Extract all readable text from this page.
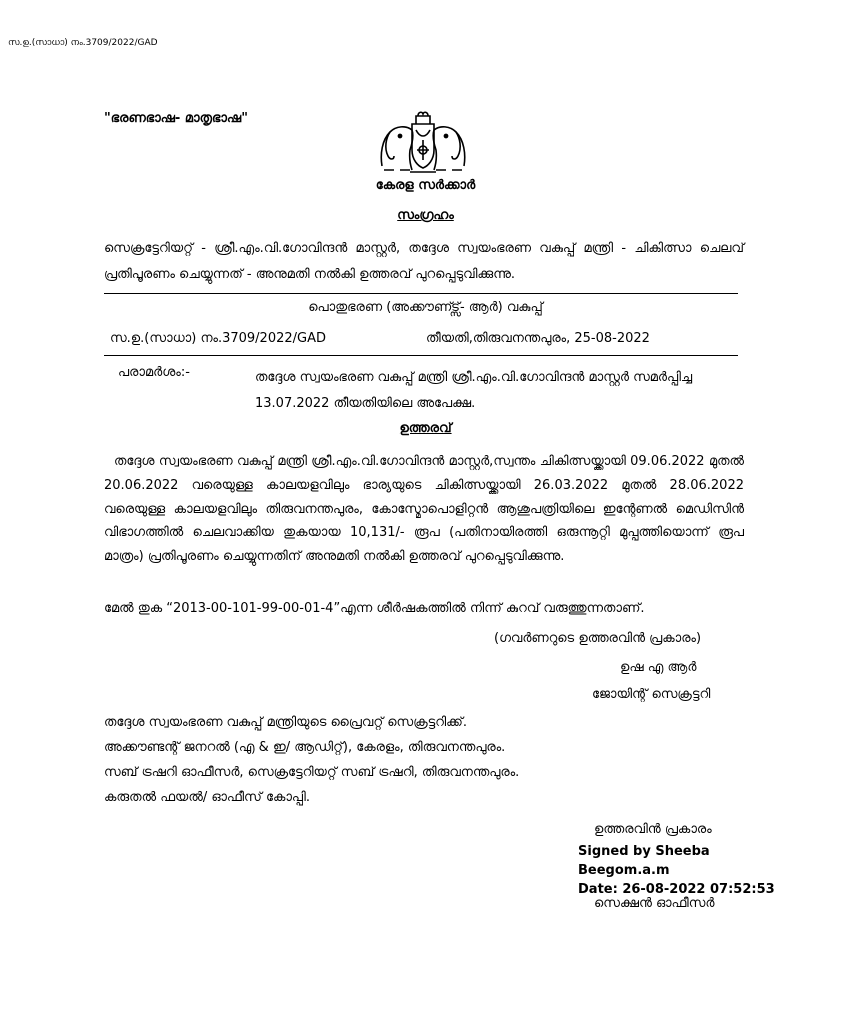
സ.ഉ.(സാധാ) നം.3709/2022/GAD
"ഭരണഭാഷ- മാതൃഭാഷ"
കേരള സർക്കാർ
സംഗ്രഹം
സെക്രട്ടേറിയറ്റ് - ശ്രീ.എം.വി.ഗോവിന്ദൻ മാസ്റ്റർ, തദ്ദേശ സ്വയംഭരണ വകുപ്പ് മന്ത്രി - ചികിത്സാ ചെലവ് പ്രതിപൂരണം ചെയ്യുന്നത് - അനുമതി നൽകി ഉത്തരവ് പുറപ്പെടുവിക്കുന്നു.
പൊതുഭരണ (അക്കൗണ്ട്സ്- ആർ) വകുപ്പ്
സ.ഉ.(സാധാ) നം.3709/2022/GAD	തീയതി,തിരുവനന്തപുരം, 25-08-2022
പരാമർശം:-	തദ്ദേശ സ്വയംഭരണ വകുപ്പ് മന്ത്രി ശ്രീ.എം.വി.ഗോവിന്ദൻ മാസ്റ്റർ സമർപ്പിച്ച 13.07.2022 തീയതിയിലെ അപേക്ഷ.
ഉത്തരവ്
തദ്ദേശ സ്വയംഭരണ വകുപ്പ് മന്ത്രി ശ്രീ.എം.വി.ഗോവിന്ദൻ മാസ്റ്റർ,സ്വന്തം ചികിത്സയ്ക്കായി 09.06.2022 മുതൽ 20.06.2022 വരെയുള്ള കാലയളവിലും ഭാര്യയുടെ ചികിത്സയ്ക്കായി 26.03.2022 മുതൽ 28.06.2022 വരെയുള്ള കാലയളവിലും തിരുവനന്തപുരം, കോസ്മോപൊളിറ്റൻ ആശുപത്രിയിലെ ഇന്റേണൽ മെഡിസിൻ വിഭാഗത്തിൽ ചെലവാക്കിയ തുകയായ 10,131/- രൂപ (പതിനായിരത്തി ഒരുന്നൂറ്റി മുപ്പത്തിയൊന്ന് രൂപ മാത്രം) പ്രതിപൂരണം ചെയ്യുന്നതിന് അനുമതി നൽകി ഉത്തരവ് പുറപ്പെടുവിക്കുന്നു.
മേൽ തുക “2013-00-101-99-00-01-4”എന്ന ശീർഷകത്തിൽ നിന്ന് കുറവ് വരുത്തുന്നതാണ്.
(ഗവർണറുടെ ഉത്തരവിൻ പ്രകാരം)
ഉഷ എ ആർ
ജോയിന്റ് സെക്രട്ടറി
തദ്ദേശ സ്വയംഭരണ വകുപ്പ് മന്ത്രിയുടെ പ്രൈവറ്റ് സെക്രട്ടറിക്ക്.
അക്കൗണ്ടന്റ് ജനറൽ (എ & ഇ/ ആഡിറ്റ്), കേരളം, തിരുവനന്തപുരം.
സബ് ട്രഷറി ഓഫീസർ, സെക്രട്ടേറിയറ്റ് സബ് ട്രഷറി, തിരുവനന്തപുരം.
കരുതൽ ഫയൽ/ ഓഫീസ് കോപ്പി.
ഉത്തരവിൻ പ്രകാരം
Signed by Sheeba
Beegom.a.m
Date: 26-08-2022 07:52:53
സെക്ഷൻ ഓഫീസർ
